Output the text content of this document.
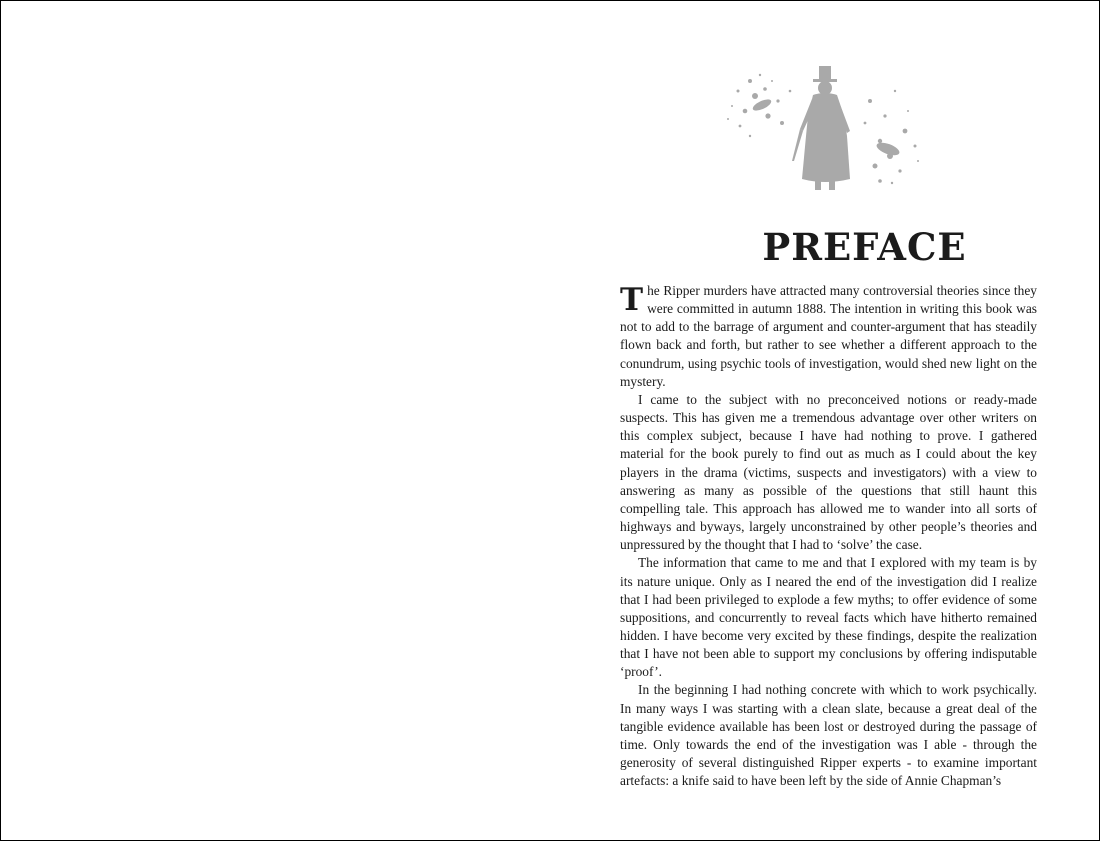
PREFACE

The Ripper murders have attracted many controversial theories since they were committed in autumn 1888. The intention in writing this book was not to add to the barrage of argument and counter-argument that has steadily flown back and forth, but rather to see whether a different approach to the conundrum, using psychic tools of investigation, would shed new light on the mystery.

I came to the subject with no preconceived notions or ready-made suspects. This has given me a tremendous advantage over other writers on this complex subject, because I have had nothing to prove. I gathered material for the book purely to find out as much as I could about the key players in the drama (victims, suspects and investigators) with a view to answering as many as possible of the questions that still haunt this compelling tale. This approach has allowed me to wander into all sorts of highways and byways, largely unconstrained by other people’s theories and unpressured by the thought that I had to ‘solve’ the case.

The information that came to me and that I explored with my team is by its nature unique. Only as I neared the end of the investigation did I realize that I had been privileged to explode a few myths; to offer evidence of some suppositions, and concurrently to reveal facts which have hitherto remained hidden. I have become very excited by these findings, despite the realization that I have not been able to support my conclusions by offering indisputable ‘proof’.

In the beginning I had nothing concrete with which to work psychically. In many ways I was starting with a clean slate, because a great deal of the tangible evidence available has been lost or destroyed during the passage of time. Only towards the end of the investigation was I able - through the generosity of several distinguished Ripper experts - to examine important artefacts: a knife said to have been left by the side of Annie Chapman’s
